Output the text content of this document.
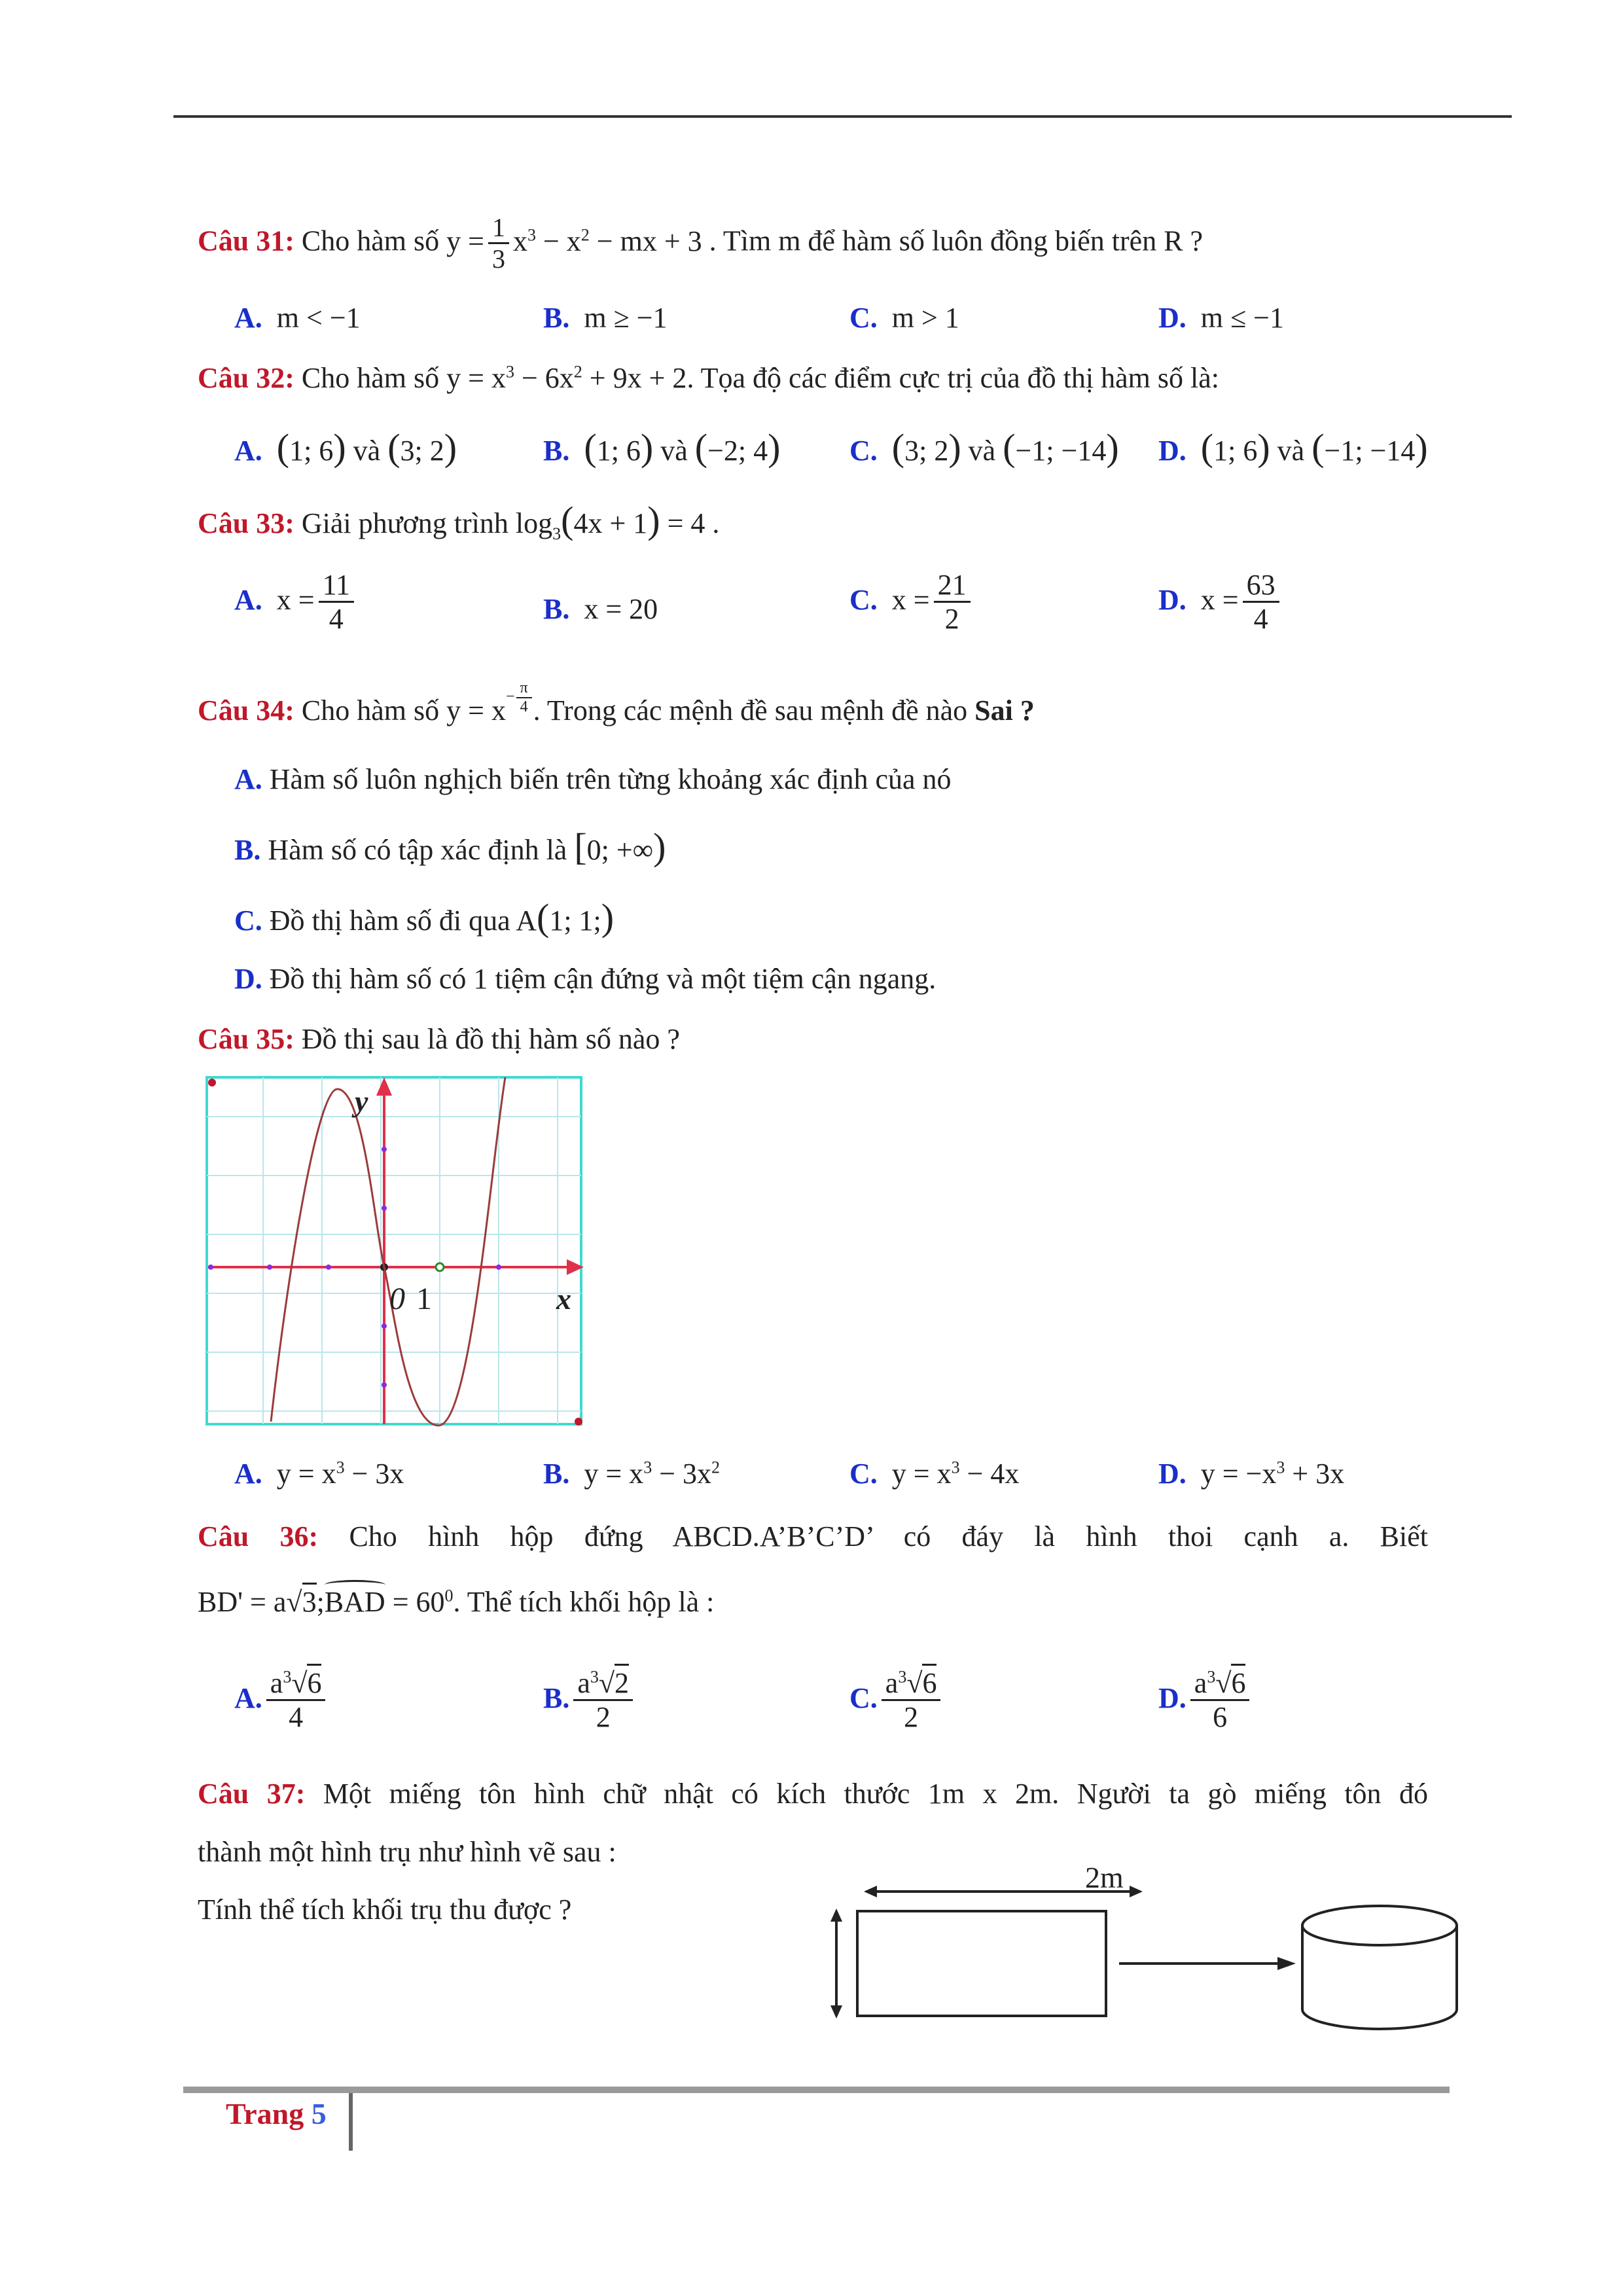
Câu 31: Cho hàm số $y = \frac{1}{3} x^3 - x^2$ − mx + 3 . Tìm m để hàm số luôn đồng biến trên R ?
A. m < −1	B. m ≥ −1	C. m > 1	D. m ≤ −1
Câu 32: Cho hàm số $y = x^3 - 6x^2 + 9x + 2$. Tọa độ các điểm cực trị của đồ thị hàm số là:
A. (1; 6) và (3; 2)	B. (1; 6) và (−2; 4) C. (3; 2) và (−1; −14) D. (1; 6) và (−1; −14)
Câu 33: Giải phương trình $\log_3(4x + 1) = 4$ .
A. $x = \frac{11}{4}$	B. x = 20	C. $x = \frac{21}{2}$	D. $x = \frac{63}{4}$
Câu 34: Cho hàm số $y = x- \frac{\pi}{4}$ . Trong các mệnh đề sau mệnh đề nào Sai ?
A. Hàm số luôn nghịch biến trên từng khoảng xác định của nó
B. Hàm số có tập xác định là [0; +∞)
C. Đồ thị hàm số đi qua A(1; 1;)
D. Đồ thị hàm số có 1 tiệm cận đứng và một tiệm cận ngang.
Câu 35: Đồ thị sau là đồ thị hàm số nào ?
y
x
0 1
A. $y = x^3 - 3x$	B. $y = x^3 - 3x^2$	C. $y = x^3 - 4x$	D. $y = -x^3 + 3x$
Câu 36: Cho hình hộp đứng ABCD.A’B’C’D’ có đáy là hình thoi cạnh a. Biết
BD' = a√3;
BAD = $60^0$. Thể tích khối hộp là :
A. $\frac{a^3√6}{4}$	B. $\frac{a^3√2}{2}$	C. $\frac{a^3√6}{2}$	D. $\frac{a^3√6}{6}$
Câu 37: Một miếng tôn hình chữ nhật có kích thước 1m x 2m. Người ta gò miếng tôn đó
thành một hình trụ như hình vẽ sau :
Tính thể tích khối trụ thu được ?
2m
Trang 5
